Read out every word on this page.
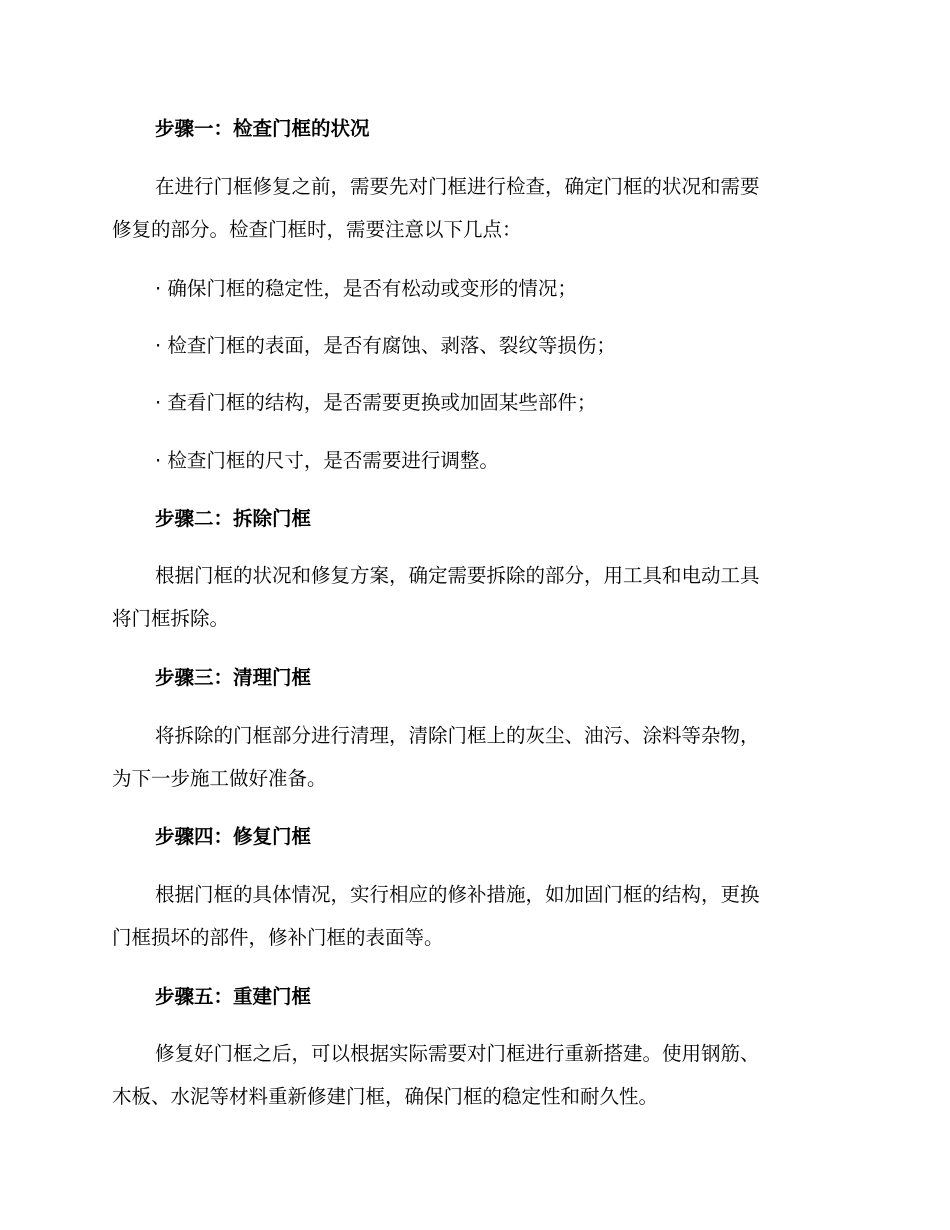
步骤一：检查门框的状况
在进行门框修复之前，需要先对门框进行检查，确定门框的状况和需要
修复的部分。检查门框时，需要注意以下几点：
· 确保门框的稳定性，是否有松动或变形的情况；
· 检查门框的表面，是否有腐蚀、剥落、裂纹等损伤；
· 查看门框的结构，是否需要更换或加固某些部件；
· 检查门框的尺寸，是否需要进行调整。
步骤二：拆除门框
根据门框的状况和修复方案，确定需要拆除的部分，用工具和电动工具
将门框拆除。
步骤三：清理门框
将拆除的门框部分进行清理，清除门框上的灰尘、油污、涂料等杂物，
为下一步施工做好准备。
步骤四：修复门框
根据门框的具体情况，实行相应的修补措施，如加固门框的结构，更换
门框损坏的部件，修补门框的表面等。
步骤五：重建门框
修复好门框之后，可以根据实际需要对门框进行重新搭建。使用钢筋、
木板、水泥等材料重新修建门框，确保门框的稳定性和耐久性。
